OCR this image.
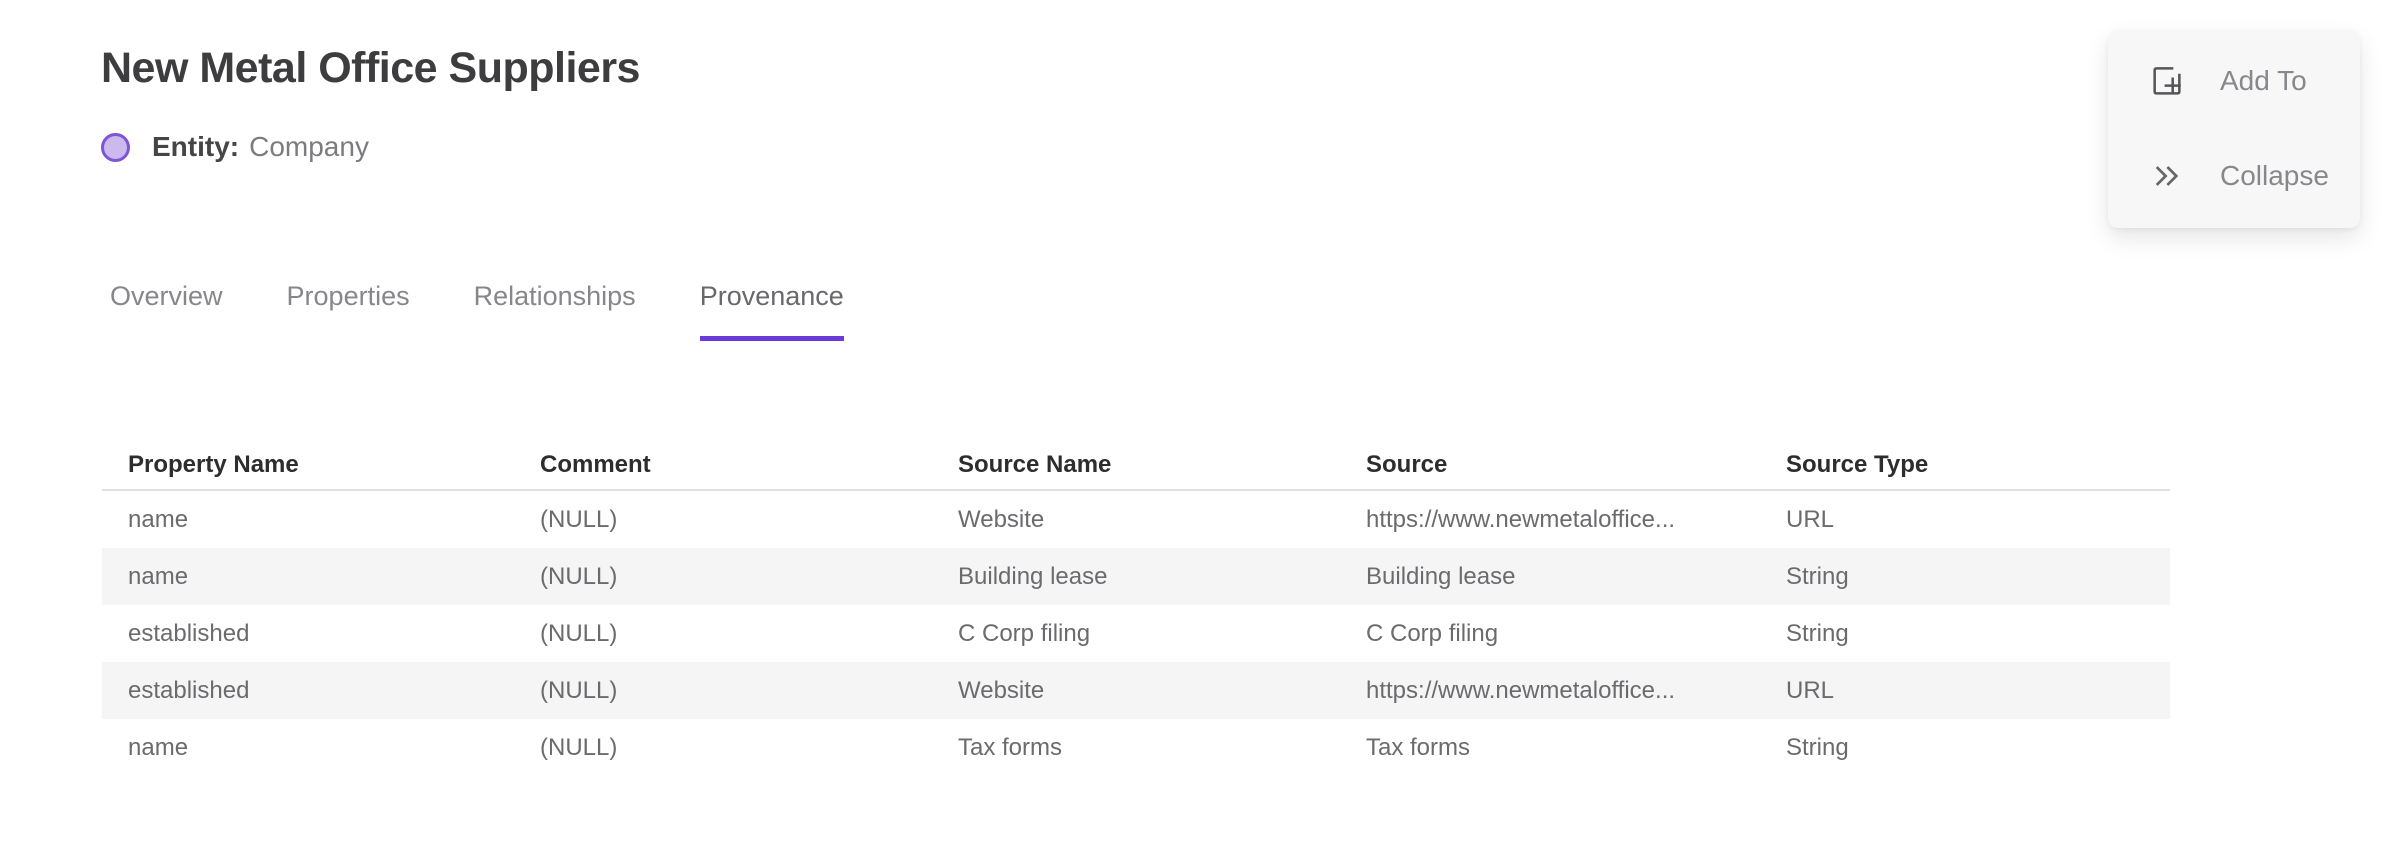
New Metal Office Suppliers
Entity: Company
Add To
Collapse
Overview Properties Relationships Provenance
Property Name	Comment	Source Name	Source	Source Type
name	(NULL)	Website	https://www.newmetaloffice...	URL
name	(NULL)	Building lease	Building lease	String
established	(NULL)	C Corp filing	C Corp filing	String
established	(NULL)	Website	https://www.newmetaloffice...	URL
name	(NULL)	Tax forms	Tax forms	String
